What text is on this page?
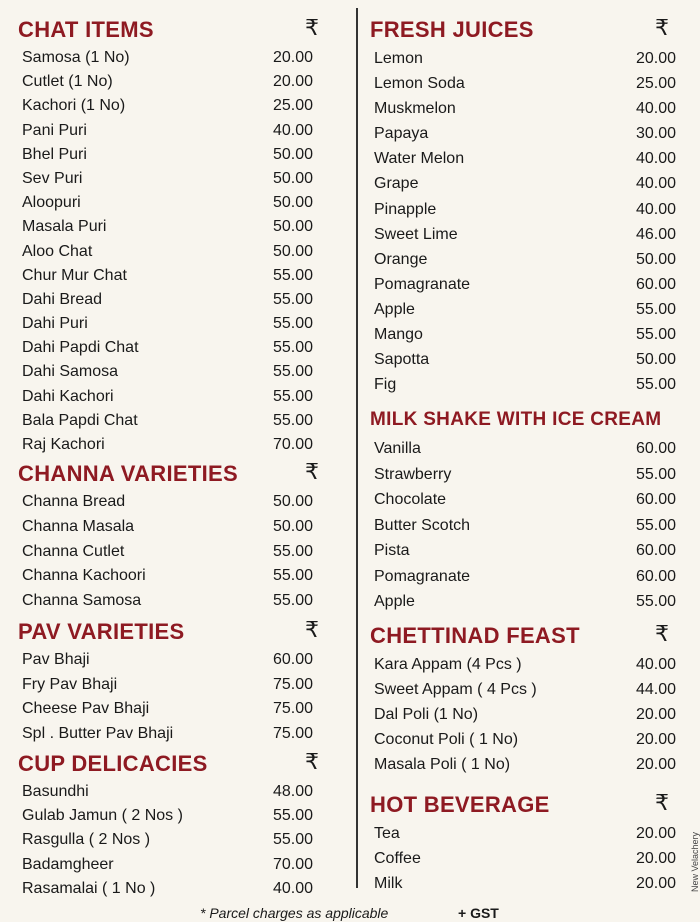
CHAT ITEMS	₹
Samosa (1 No)	20.00
Cutlet (1 No)	20.00
Kachori (1 No)	25.00
Pani Puri	40.00
Bhel Puri	50.00
Sev Puri	50.00
Aloopuri	50.00
Masala Puri	50.00
Aloo Chat	50.00
Chur Mur Chat	55.00
Dahi Bread	55.00
Dahi Puri	55.00
Dahi Papdi Chat	55.00
Dahi Samosa	55.00
Dahi Kachori	55.00
Bala Papdi Chat	55.00
Raj Kachori	70.00
CHANNA VARIETIES	₹
Channa Bread	50.00
Channa Masala	50.00
Channa Cutlet	55.00
Channa Kachoori	55.00
Channa Samosa	55.00
PAV VARIETIES	₹
Pav Bhaji	60.00
Fry Pav Bhaji	75.00
Cheese Pav Bhaji	75.00
Spl . Butter Pav Bhaji	75.00
CUP DELICACIES	₹
Basundhi	48.00
Gulab Jamun ( 2 Nos )	55.00
Rasgulla ( 2 Nos )	55.00
Badamgheer	70.00
Rasamalai ( 1 No )	40.00
FRESH JUICES	₹
Lemon	20.00
Lemon Soda	25.00
Muskmelon	40.00
Papaya	30.00
Water Melon	40.00
Grape	40.00
Pinapple	40.00
Sweet Lime	46.00
Orange	50.00
Pomagranate	60.00
Apple	55.00
Mango	55.00
Sapotta	50.00
Fig	55.00
MILK SHAKE WITH ICE CREAM
Vanilla	60.00
Strawberry	55.00
Chocolate	60.00
Butter Scotch	55.00
Pista	60.00
Pomagranate	60.00
Apple	55.00
CHETTINAD FEAST	₹
Kara Appam (4 Pcs )	40.00
Sweet Appam ( 4 Pcs )	44.00
Dal Poli (1 No)	20.00
Coconut Poli ( 1 No)	20.00
Masala Poli ( 1 No)	20.00
HOT BEVERAGE	₹
Tea	20.00
Coffee	20.00
Milk	20.00
* Parcel charges as applicable	+ GST
New Velachery
